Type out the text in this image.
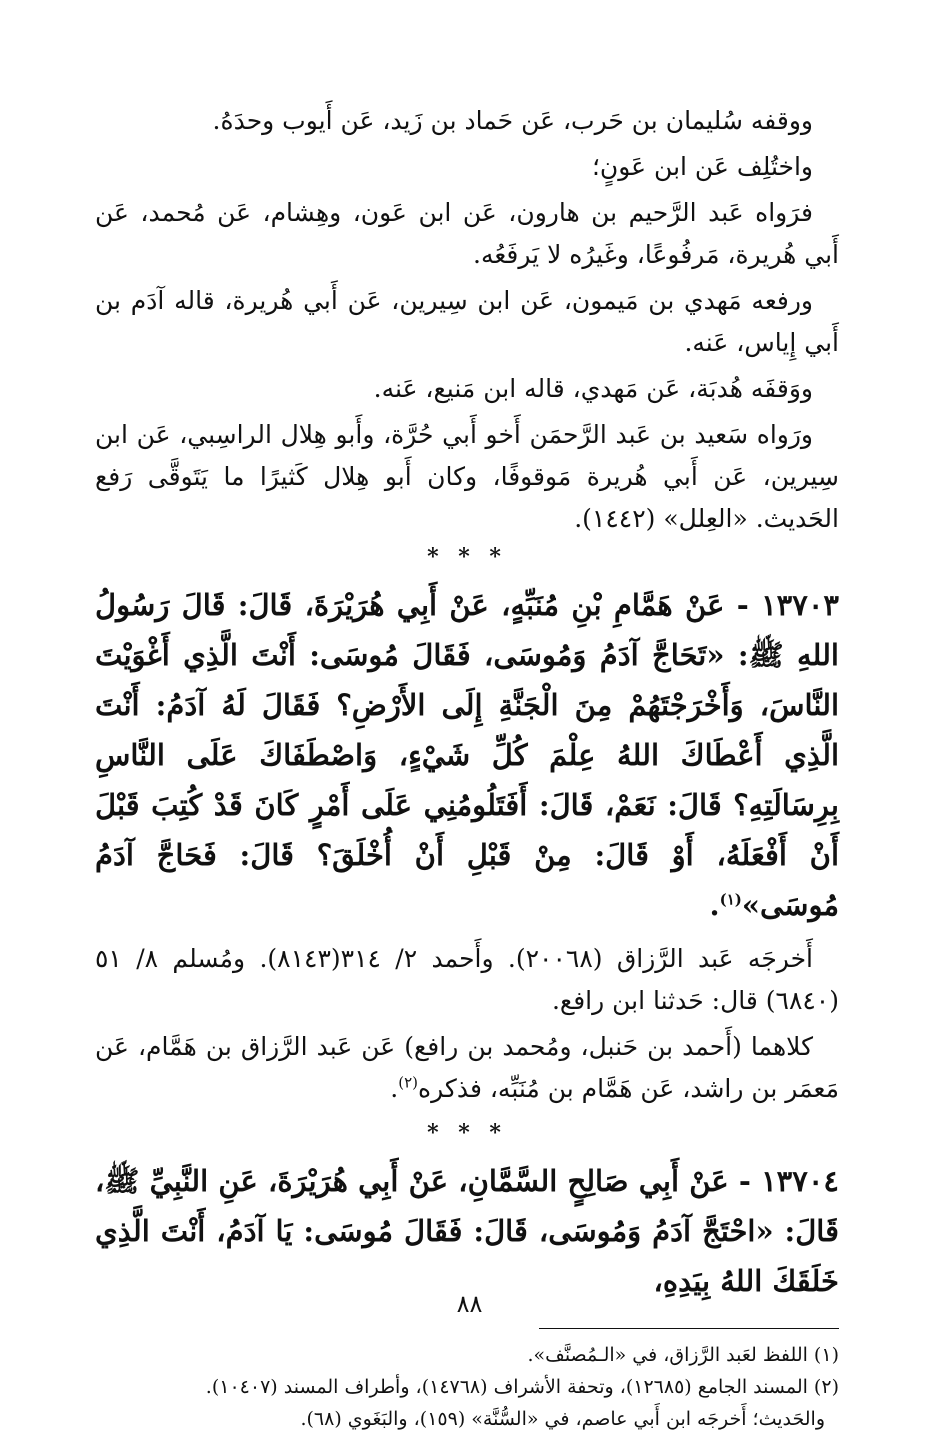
ووقفه سُليمان بن حَرب، عَن حَماد بن زَيد، عَن أَيوب وحدَهُ.

واختُلِف عَن ابن عَونٍ؛

فرَواه عَبد الرَّحيم بن هارون، عَن ابن عَون، وهِشام، عَن مُحمد، عَن أَبي هُريرة، مَرفُوعًا، وغَيرُه لا يَرفَعُه.

ورفعه مَهدي بن مَيمون، عَن ابن سِيرين، عَن أَبي هُريرة، قاله آدَم بن أَبي إِياس، عَنه.

ووَقفَه هُدبَة، عَن مَهدي، قاله ابن مَنيع، عَنه.

ورَواه سَعيد بن عَبد الرَّحمَن أَخو أَبي حُرَّة، وأَبو هِلال الراسِبي، عَن ابن سِيرين، عَن أَبي هُريرة مَوقوفًا، وكان أَبو هِلال كَثيرًا ما يَتَوقَّى رَفع الحَديث. «العِلل» (١٤٤٢).

* * *

١٣٧٠٣ - عَنْ هَمَّامِ بْنِ مُنَبِّهٍ، عَنْ أَبِي هُرَيْرَةَ، قَالَ: قَالَ رَسُولُ اللهِ ﷺ: «تَحَاجَّ آدَمُ وَمُوسَى، فَقَالَ مُوسَى: أَنْتَ الَّذِي أَغْوَيْتَ النَّاسَ، وَأَخْرَجْتَهُمْ مِنَ الْجَنَّةِ إِلَى الأَرْضِ؟ فَقَالَ لَهُ آدَمُ: أَنْتَ الَّذِي أَعْطَاكَ اللهُ عِلْمَ كُلِّ شَيْءٍ، وَاصْطَفَاكَ عَلَى النَّاسِ بِرِسَالَتِهِ؟ قَالَ: نَعَمْ، قَالَ: أَفَتَلُومُنِي عَلَى أَمْرٍ كَانَ قَدْ كُتِبَ قَبْلَ أَنْ أَفْعَلَهُ، أَوْ قَالَ: مِنْ قَبْلِ أَنْ أُخْلَقَ؟ قَالَ: فَحَاجَّ آدَمُ مُوسَى»$^{(١)}$.

أَخرجَه عَبد الرَّزاق (٢٠٠٦٨). وأَحمد ٢/ ٣١٤(٨١٤٣). ومُسلم ٨/ ٥١ (٦٨٤٠) قال: حَدثنا ابن رافع.

كلاهما (أَحمد بن حَنبل، ومُحمد بن رافع) عَن عَبد الرَّزاق بن هَمَّام، عَن مَعمَر بن راشد، عَن هَمَّام بن مُنَبِّه، فذكره$^{(٢)}$.

* * *

١٣٧٠٤ - عَنْ أَبِي صَالِحٍ السَّمَّانِ، عَنْ أَبِي هُرَيْرَةَ، عَنِ النَّبِيِّ ﷺ، قَالَ: «احْتَجَّ آدَمُ وَمُوسَى، قَالَ: فَقَالَ مُوسَى: يَا آدَمُ، أَنْتَ الَّذِي خَلَقَكَ اللهُ بِيَدِهِ،

(١) اللفظ لعَبد الرَّزاق، في «الـمُصنَّف».

(٢) المسند الجامع (١٢٦٨٥)، وتحفة الأشراف (١٤٧٦٨)، وأطراف المسند (١٠٤٠٧).

والحَديث؛ أَخرجَه ابن أَبي عاصم، في «السُّنَّة» (١٥٩)، والبَغَوي (٦٨).

٨٨
